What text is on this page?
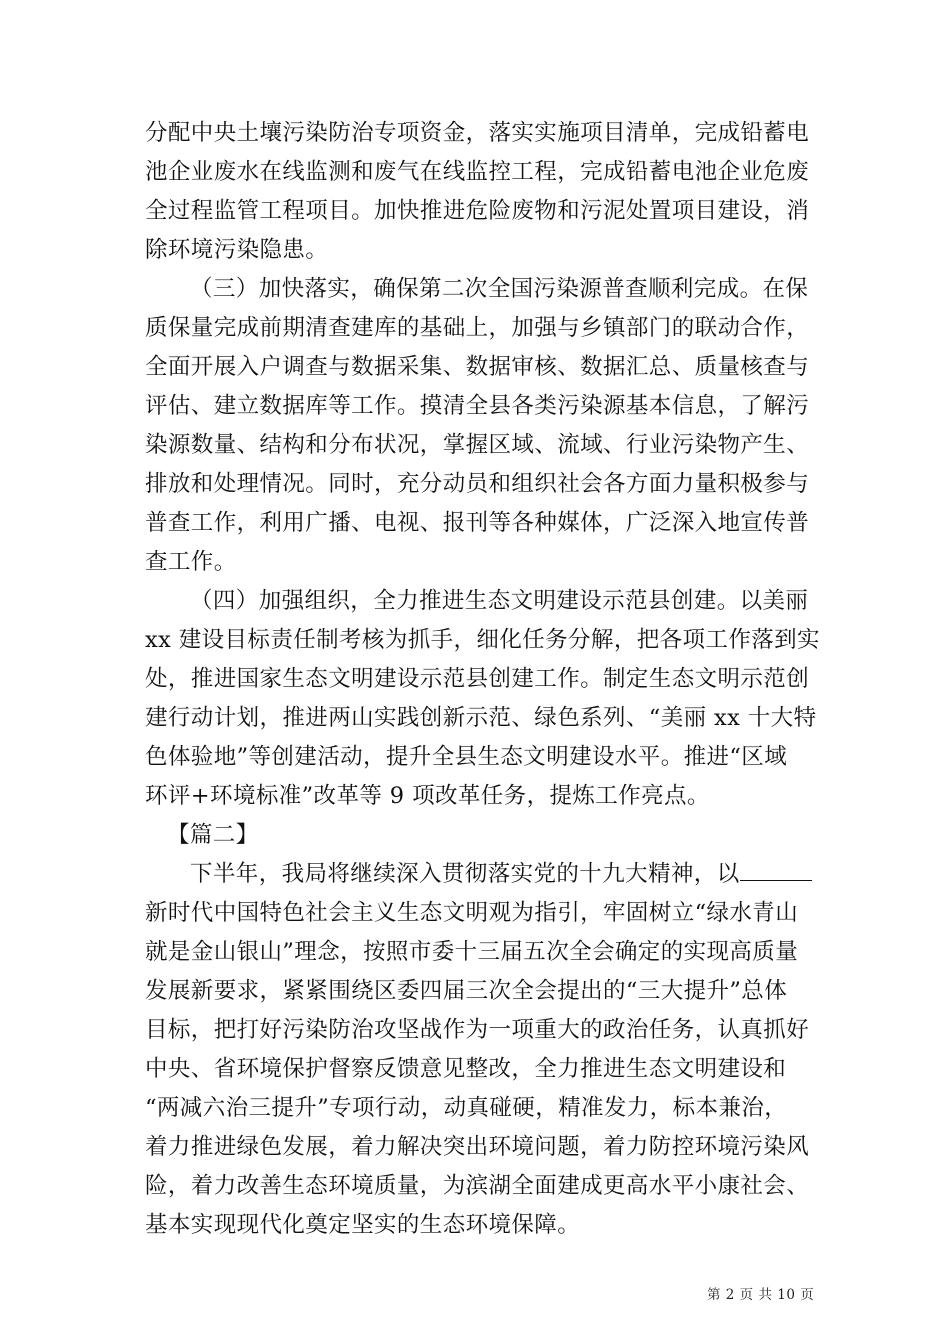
分配中央土壤污染防治专项资金，落实实施项目清单，完成铅蓄电
池企业废水在线监测和废气在线监控工程，完成铅蓄电池企业危废
全过程监管工程项目。加快推进危险废物和污泥处置项目建设，消
除环境污染隐患。
（三）加快落实，确保第二次全国污染源普查顺利完成。在保
质保量完成前期清查建库的基础上，加强与乡镇部门的联动合作，
全面开展入户调查与数据采集、数据审核、数据汇总、质量核查与
评估、建立数据库等工作。摸清全县各类污染源基本信息，了解污
染源数量、结构和分布状况，掌握区域、流域、行业污染物产生、
排放和处理情况。同时，充分动员和组织社会各方面力量积极参与
普查工作，利用广播、电视、报刊等各种媒体，广泛深入地宣传普
查工作。
（四）加强组织，全力推进生态文明建设示范县创建。以美丽
xx 建设目标责任制考核为抓手，细化任务分解，把各项工作落到实
处，推进国家生态文明建设示范县创建工作。制定生态文明示范创
建行动计划，推进两山实践创新示范、绿色系列、“美丽 xx 十大特
色体验地”等创建活动，提升全县生态文明建设水平。推进“区域
环评+环境标准”改革等 9 项改革任务，提炼工作亮点。
【篇二】
下半年，我局将继续深入贯彻落实党的十九大精神，以
新时代中国特色社会主义生态文明观为指引，牢固树立“绿水青山
就是金山银山”理念，按照市委十三届五次全会确定的实现高质量
发展新要求，紧紧围绕区委四届三次全会提出的“三大提升”总体
目标，把打好污染防治攻坚战作为一项重大的政治任务，认真抓好
中央、省环境保护督察反馈意见整改，全力推进生态文明建设和
“两减六治三提升”专项行动，动真碰硬，精准发力，标本兼治，
着力推进绿色发展，着力解决突出环境问题，着力防控环境污染风
险，着力改善生态环境质量，为滨湖全面建成更高水平小康社会、
基本实现现代化奠定坚实的生态环境保障。
第 2 页 共 10 页
